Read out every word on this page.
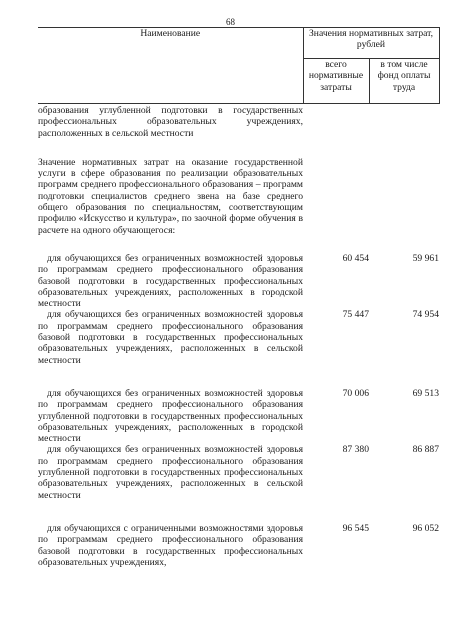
68
Наименование	Значения нормативных затрат, рублей	
	всего нормативные затраты	в том числе фонд оплаты труда
образования углубленной подготовки в государственных профессиональных образовательных учреждениях, расположенных в сельской местности		
Значение нормативных затрат на оказание государственной услуги в сфере образования по реализации образовательных программ среднего профессионального образования – программ подготовки специалистов среднего звена на базе среднего общего образования по специальностям, соответствующим профилю «Искусство и культура», по заочной форме обучения в расчете на одного обучающегося:		
для обучающихся без ограниченных возможностей здоровья по программам среднего профессионального образования базовой подготовки в государственных профессиональных образовательных учреждениях, расположенных в городской местности	60 454	59 961
для обучающихся без ограниченных возможностей здоровья по программам среднего профессионального образования базовой подготовки в государственных профессиональных образовательных учреждениях, расположенных в сельской местности	75 447	74 954
для обучающихся без ограниченных возможностей здоровья по программам среднего профессионального образования углубленной подготовки в государственных профессиональных образовательных учреждениях, расположенных в городской местности	70 006	69 513
для обучающихся без ограниченных возможностей здоровья по программам среднего профессионального образования углубленной подготовки в государственных профессиональных образовательных учреждениях, расположенных в сельской местности	87 380	86 887
для обучающихся с ограниченными возможностями здоровья по программам среднего профессионального образования базовой подготовки в государственных профессиональных образовательных учреждениях,	96 545	96 052
